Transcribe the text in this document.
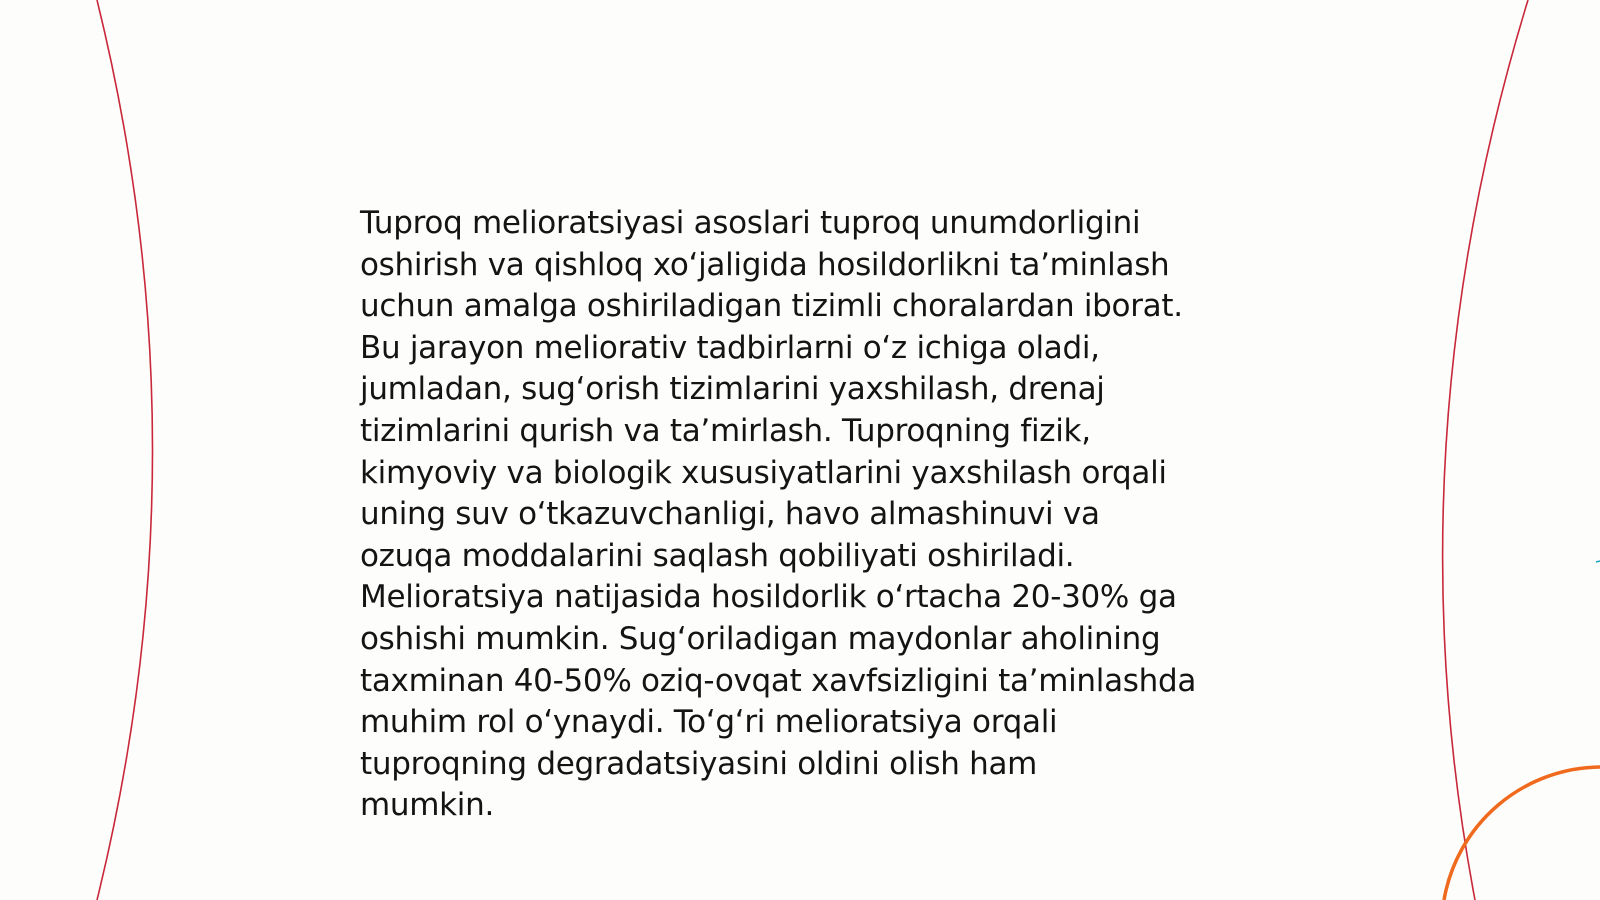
Tuproq melioratsiyasi asoslari tuproq unumdorligini
oshirish va qishloq xoʻjaligida hosildorlikni taʼminlash
uchun amalga oshiriladigan tizimli choralardan iborat.
Bu jarayon meliorativ tadbirlarni oʻz ichiga oladi,
jumladan, sugʻorish tizimlarini yaxshilash, drenaj
tizimlarini qurish va taʼmirlash. Tuproqning fizik,
kimyoviy va biologik xususiyatlarini yaxshilash orqali
uning suv oʻtkazuvchanligi, havo almashinuvi va
ozuqa moddalarini saqlash qobiliyati oshiriladi.
Melioratsiya natijasida hosildorlik oʻrtacha 20-30% ga
oshishi mumkin. Sugʻoriladigan maydonlar aholining
taxminan 40-50% oziq-ovqat xavfsizligini taʼminlashda
muhim rol oʻynaydi. Toʻgʻri melioratsiya orqali
tuproqning degradatsiyasini oldini olish ham
mumkin.
